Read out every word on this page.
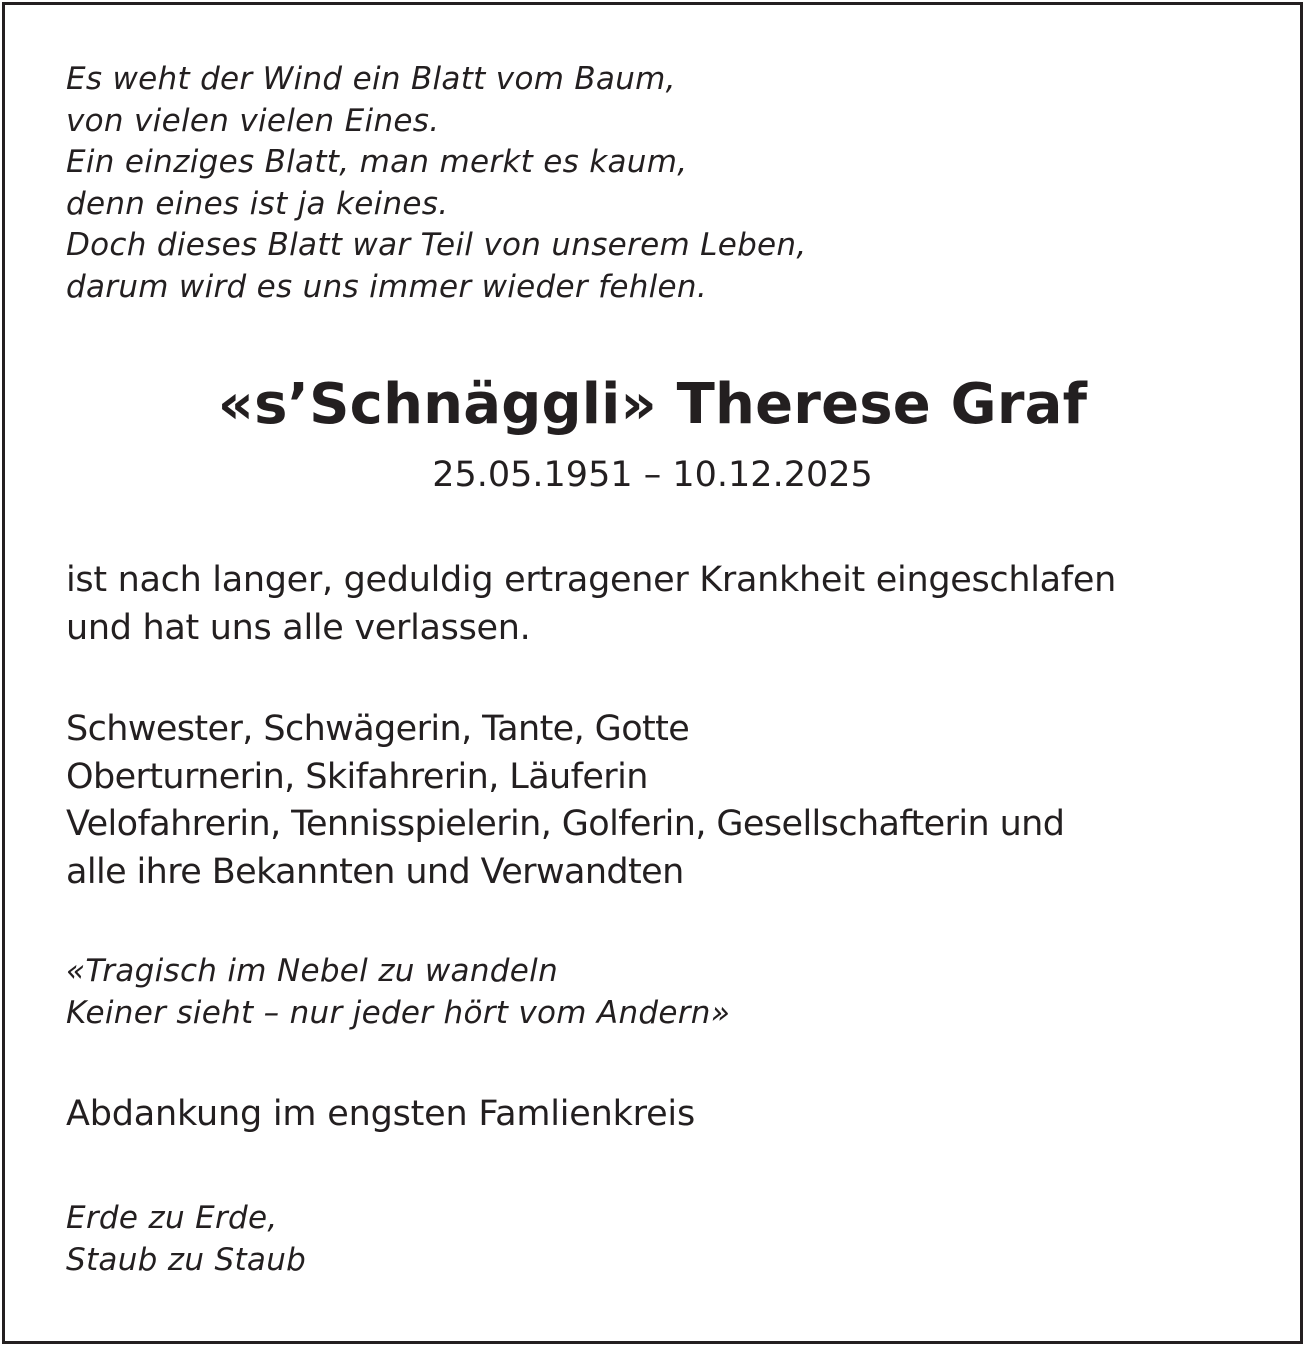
Es weht der Wind ein Blatt vom Baum,
von vielen vielen Eines.
Ein einziges Blatt, man merkt es kaum,
denn eines ist ja keines.
Doch dieses Blatt war Teil von unserem Leben,
darum wird es uns immer wieder fehlen.
«s’Schnäggli» Therese Graf
25.05.1951 – 10.12.2025
ist nach langer, geduldig ertragener Krankheit eingeschlafen
und hat uns alle verlassen.
Schwester, Schwägerin, Tante, Gotte
Oberturnerin, Skifahrerin, Läuferin
Velofahrerin, Tennisspielerin, Golferin, Gesellschafterin und
alle ihre Bekannten und Verwandten
«Tragisch im Nebel zu wandeln
Keiner sieht – nur jeder hört vom Andern»
Abdankung im engsten Famlienkreis
Erde zu Erde,
Staub zu Staub
